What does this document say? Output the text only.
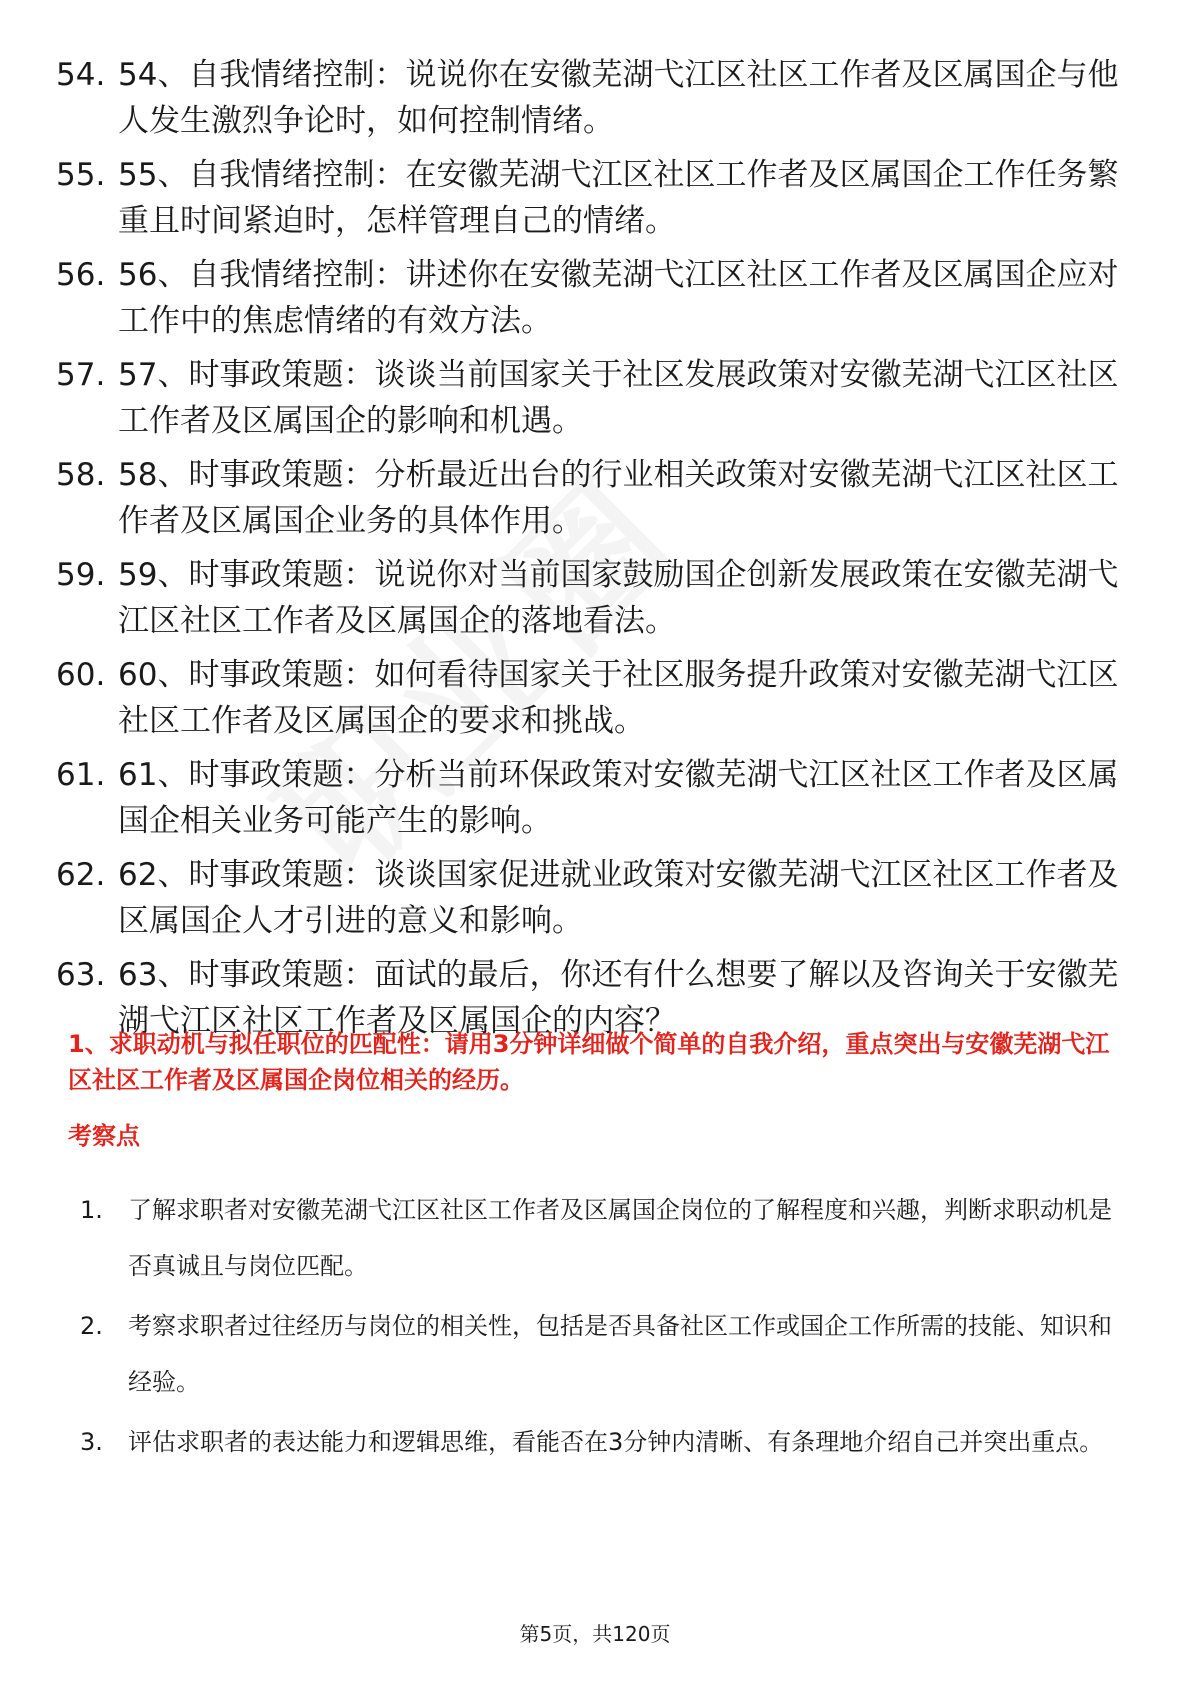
54. 54、自我情绪控制：说说你在安徽芜湖弋江区社区工作者及区属国企与他人发生激烈争论时，如何控制情绪。
55. 55、自我情绪控制：在安徽芜湖弋江区社区工作者及区属国企工作任务繁重且时间紧迫时，怎样管理自己的情绪。
56. 56、自我情绪控制：讲述你在安徽芜湖弋江区社区工作者及区属国企应对工作中的焦虑情绪的有效方法。
57. 57、时事政策题：谈谈当前国家关于社区发展政策对安徽芜湖弋江区社区工作者及区属国企的影响和机遇。
58. 58、时事政策题：分析最近出台的行业相关政策对安徽芜湖弋江区社区工作者及区属国企业务的具体作用。
59. 59、时事政策题：说说你对当前国家鼓励国企创新发展政策在安徽芜湖弋江区社区工作者及区属国企的落地看法。
60. 60、时事政策题：如何看待国家关于社区服务提升政策对安徽芜湖弋江区社区工作者及区属国企的要求和挑战。
61. 61、时事政策题：分析当前环保政策对安徽芜湖弋江区社区工作者及区属国企相关业务可能产生的影响。
62. 62、时事政策题：谈谈国家促进就业政策对安徽芜湖弋江区社区工作者及区属国企人才引进的意义和影响。
63. 63、时事政策题：面试的最后，你还有什么想要了解以及咨询关于安徽芜湖弋江区社区工作者及区属国企的内容？
1、求职动机与拟任职位的匹配性：请用3分钟详细做个简单的自我介绍，重点突出与安徽芜湖弋江区社区工作者及区属国企岗位相关的经历。
考察点
1.	了解求职者对安徽芜湖弋江区社区工作者及区属国企岗位的了解程度和兴趣，判断求职动机是否真诚且与岗位匹配。
2.	考察求职者过往经历与岗位的相关性，包括是否具备社区工作或国企工作所需的技能、知识和经验。
3.	评估求职者的表达能力和逻辑思维，看能否在3分钟内清晰、有条理地介绍自己并突出重点。
第5页，共120页
